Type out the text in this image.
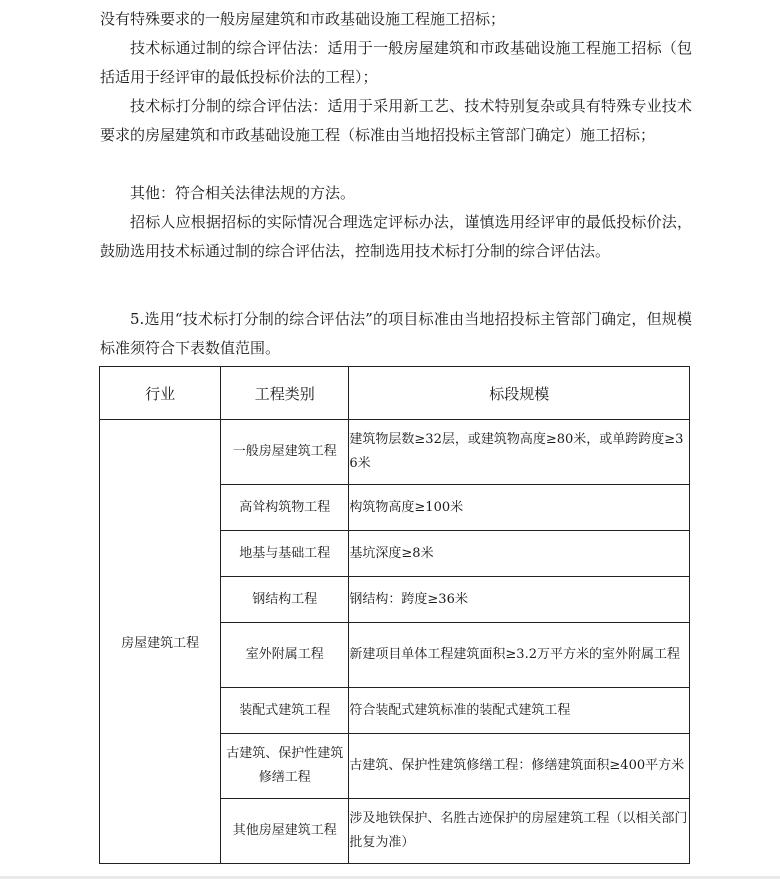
没有特殊要求的一般房屋建筑和市政基础设施工程施工招标；

技术标通过制的综合评估法：适用于一般房屋建筑和市政基础设施工程施工招标（包括适用于经评审的最低投标价法的工程）；

技术标打分制的综合评估法：适用于采用新工艺、技术特别复杂或具有特殊专业技术要求的房屋建筑和市政基础设施工程（标准由当地招投标主管部门确定）施工招标；

其他：符合相关法律法规的方法。

招标人应根据招标的实际情况合理选定评标办法，谨慎选用经评审的最低投标价法，鼓励选用技术标通过制的综合评估法，控制选用技术标打分制的综合评估法。

5.选用“技术标打分制的综合评估法”的项目标准由当地招投标主管部门确定，但规模标准须符合下表数值范围。

行业	工程类别	标段规模
房屋建筑工程	一般房屋建筑工程	建筑物层数≥32层，或建筑物高度≥80米，或单跨跨度≥36米
	高耸构筑物工程	构筑物高度≥100米
	地基与基础工程	基坑深度≥8米
	钢结构工程	钢结构：跨度≥36米
	室外附属工程	新建项目单体工程建筑面积≥3.2万平方米的室外附属工程
	装配式建筑工程	符合装配式建筑标准的装配式建筑工程
	古建筑、保护性建筑修缮工程	古建筑、保护性建筑修缮工程：修缮建筑面积≥400平方米
	其他房屋建筑工程	涉及地铁保护、名胜古迹保护的房屋建筑工程（以相关部门批复为准）
